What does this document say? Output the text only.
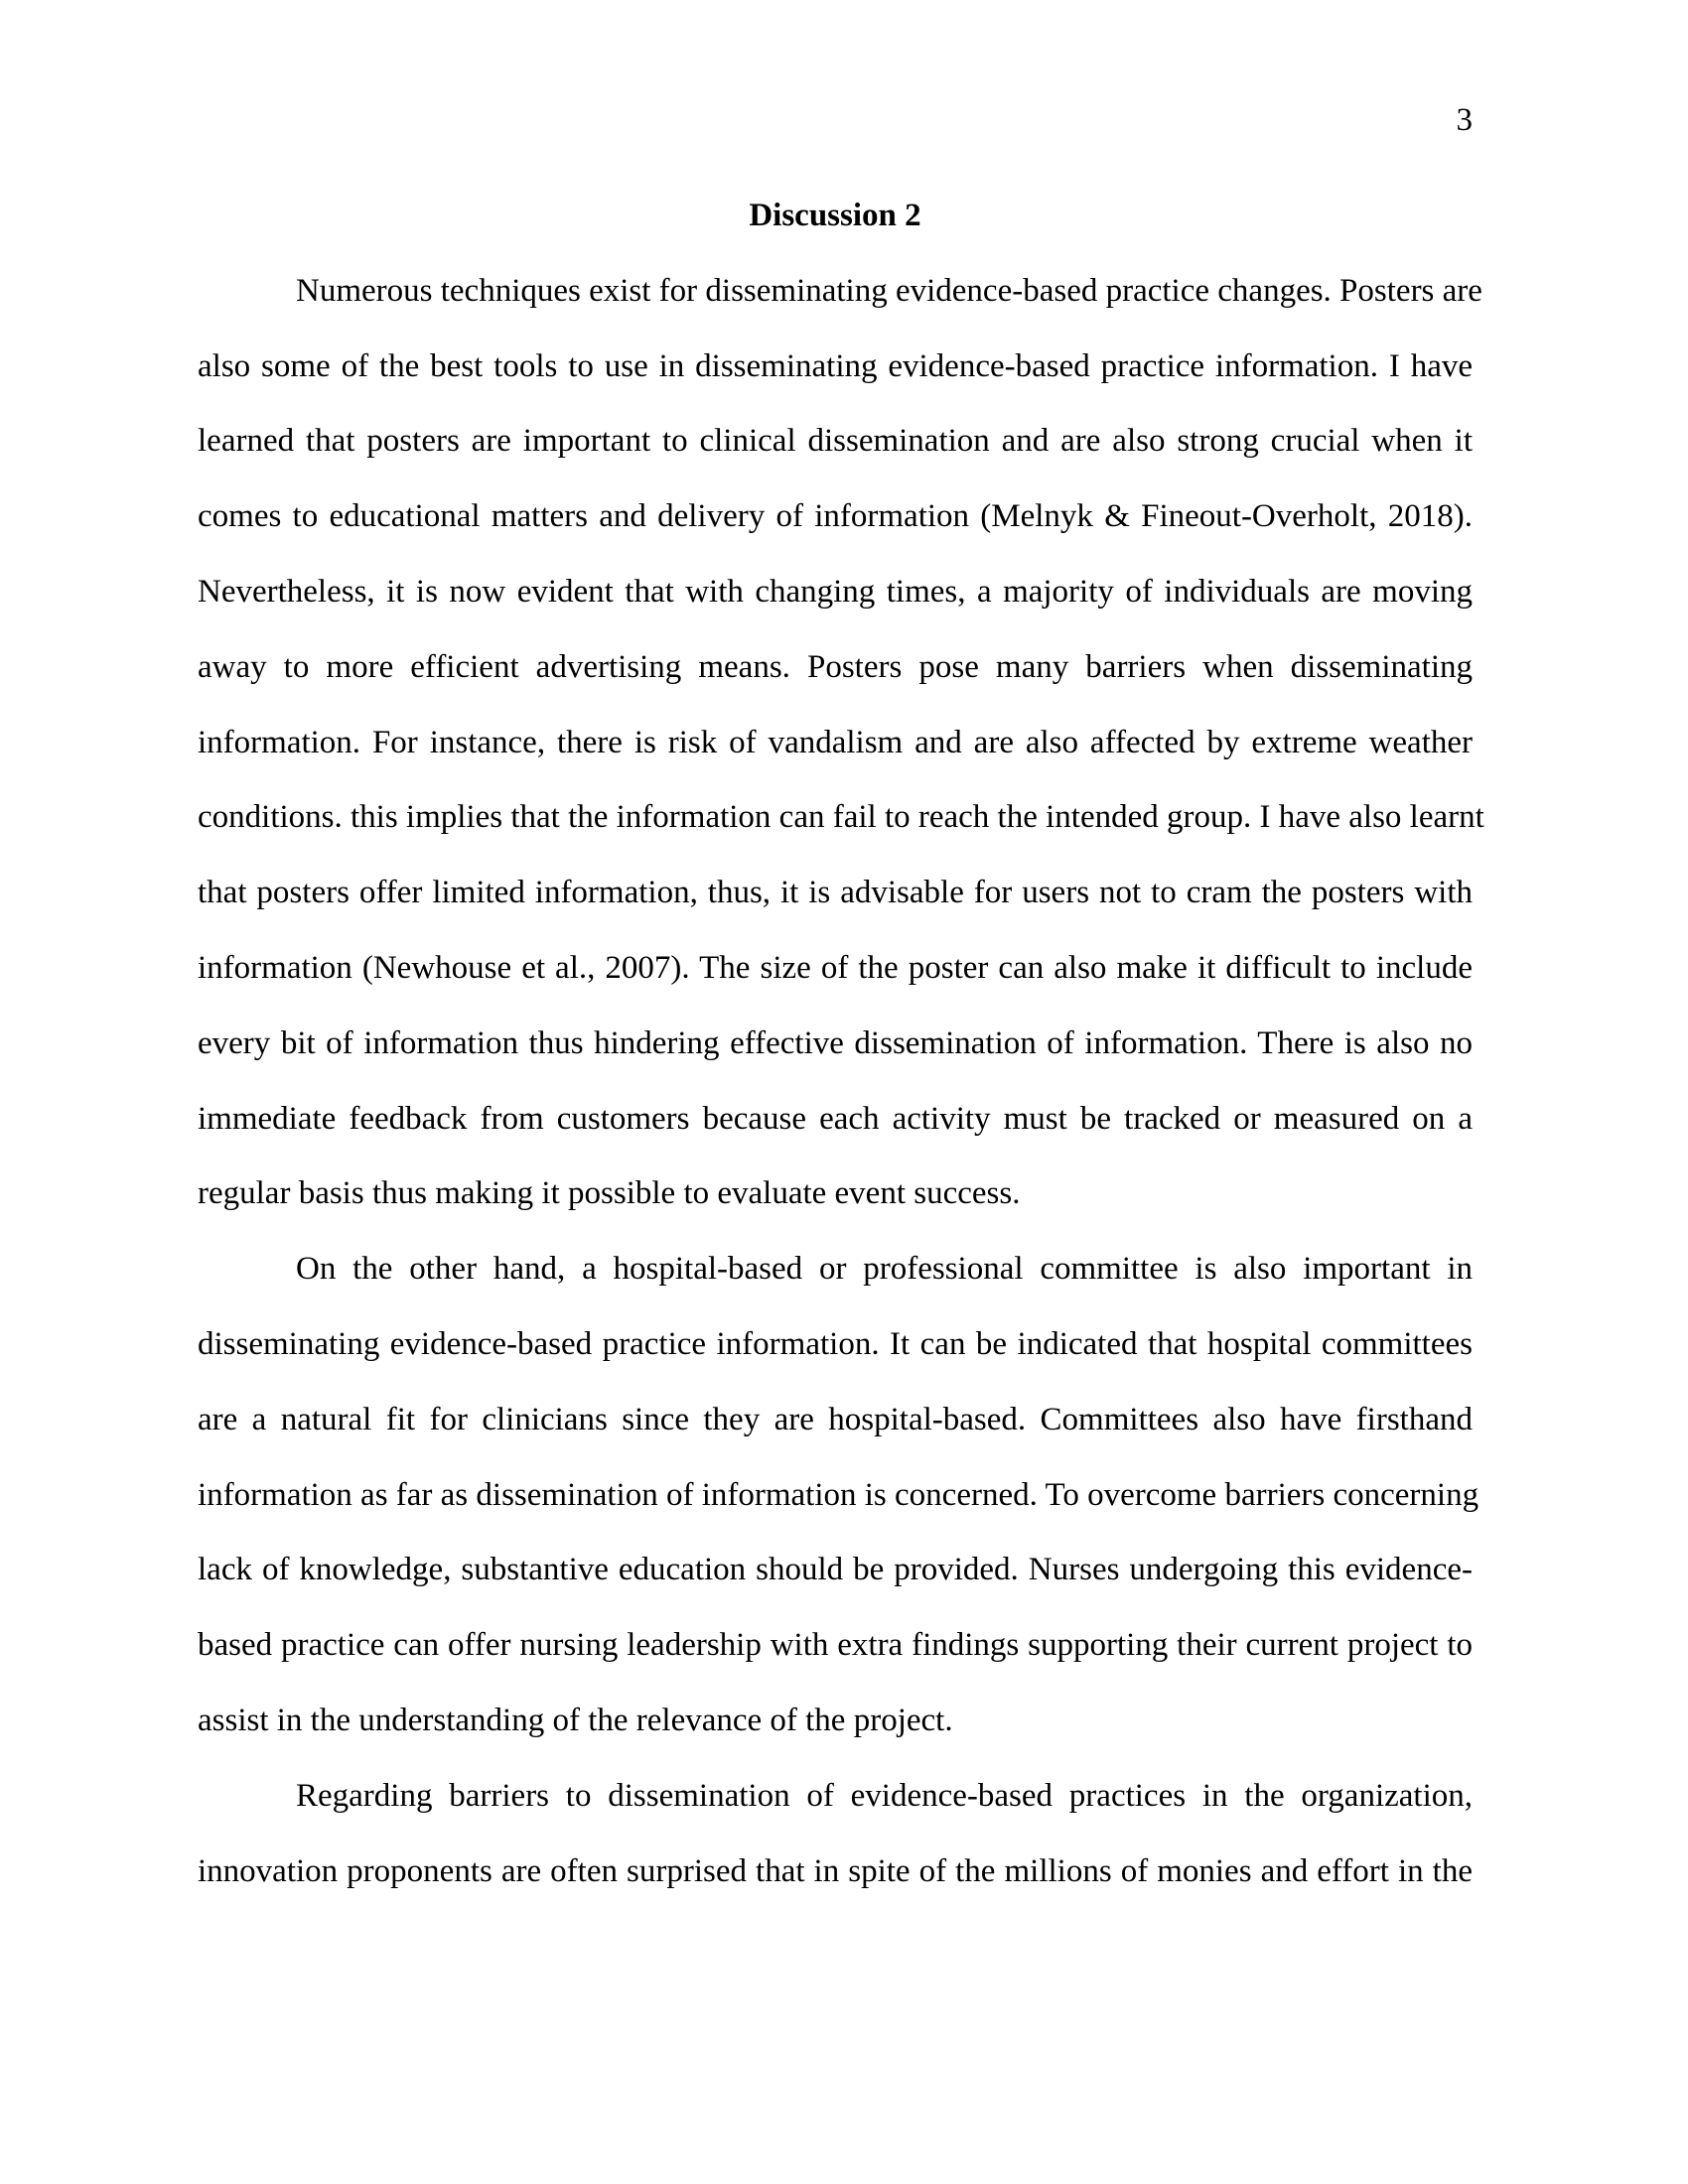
3
Discussion 2
Numerous techniques exist for disseminating evidence-based practice changes. Posters are
also some of the best tools to use in disseminating evidence-based practice information. I have
learned that posters are important to clinical dissemination and are also strong crucial when it
comes to educational matters and delivery of information (Melnyk & Fineout-Overholt, 2018).
Nevertheless, it is now evident that with changing times, a majority of individuals are moving
away to more efficient advertising means. Posters pose many barriers when disseminating
information. For instance, there is risk of vandalism and are also affected by extreme weather
conditions. this implies that the information can fail to reach the intended group. I have also learnt
that posters offer limited information, thus, it is advisable for users not to cram the posters with
information (Newhouse et al., 2007). The size of the poster can also make it difficult to include
every bit of information thus hindering effective dissemination of information. There is also no
immediate feedback from customers because each activity must be tracked or measured on a
regular basis thus making it possible to evaluate event success.
On the other hand, a hospital-based or professional committee is also important in
disseminating evidence-based practice information. It can be indicated that hospital committees
are a natural fit for clinicians since they are hospital-based. Committees also have firsthand
information as far as dissemination of information is concerned. To overcome barriers concerning
lack of knowledge, substantive education should be provided. Nurses undergoing this evidence-
based practice can offer nursing leadership with extra findings supporting their current project to
assist in the understanding of the relevance of the project.
Regarding barriers to dissemination of evidence-based practices in the organization,
innovation proponents are often surprised that in spite of the millions of monies and effort in the
